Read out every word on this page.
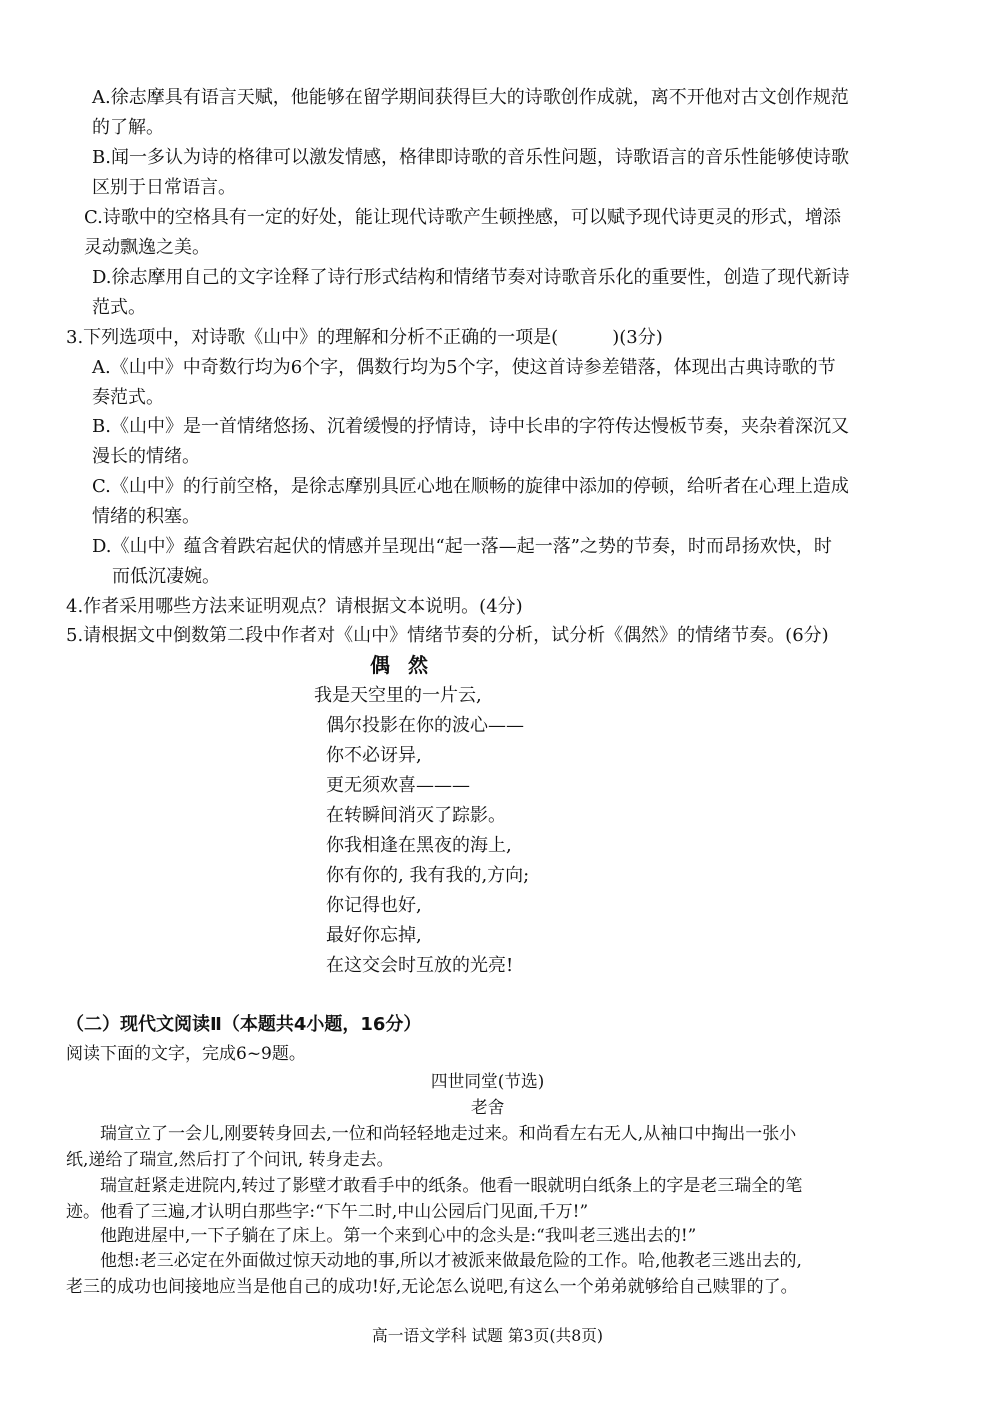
A.徐志摩具有语言天赋，他能够在留学期间获得巨大的诗歌创作成就，离不开他对古文创作规范
的了解。
B.闻一多认为诗的格律可以激发情感，格律即诗歌的音乐性问题，诗歌语言的音乐性能够使诗歌
区别于日常语言。
C.诗歌中的空格具有一定的好处，能让现代诗歌产生顿挫感，可以赋予现代诗更灵的形式，增添
灵动飘逸之美。
D.徐志摩用自己的文字诠释了诗行形式结构和情绪节奏对诗歌音乐化的重要性，创造了现代新诗
范式。
3.下列选项中，对诗歌《山中》的理解和分析不正确的一项是(　　　)(3分)
A.《山中》中奇数行均为6个字，偶数行均为5个字，使这首诗参差错落，体现出古典诗歌的节
奏范式。
B.《山中》是一首情绪悠扬、沉着缓慢的抒情诗，诗中长串的字符传达慢板节奏，夹杂着深沉又
漫长的情绪。
C.《山中》的行前空格，是徐志摩别具匠心地在顺畅的旋律中添加的停顿，给听者在心理上造成
情绪的积塞。
D.《山中》蕴含着跌宕起伏的情感并呈现出“起一落—起一落”之势的节奏，时而昂扬欢快，时
而低沉凄婉。
4.作者采用哪些方法来证明观点？请根据文本说明。(4分)
5.请根据文中倒数第二段中作者对《山中》情绪节奏的分析，试分析《偶然》的情绪节奏。(6分)
偶然
我是天空里的一片云,
偶尔投影在你的波心——
你不必讶异,
更无须欢喜———
在转瞬间消灭了踪影。
你我相逢在黑夜的海上,
你有你的, 我有我的,方向;
你记得也好,
最好你忘掉,
在这交会时互放的光亮!
（二）现代文阅读Ⅱ（本题共4小题，16分）
阅读下面的文字，完成6~9题。
四世同堂(节选)
老舍
瑞宣立了一会儿,刚要转身回去,一位和尚轻轻地走过来。和尚看左右无人,从袖口中掏出一张小
纸,递给了瑞宣,然后打了个问讯, 转身走去。
瑞宣赶紧走进院内,转过了影壁才敢看手中的纸条。他看一眼就明白纸条上的字是老三瑞全的笔
迹。他看了三遍,才认明白那些字:“下午二时,中山公园后门见面,千万!”
他跑进屋中,一下子躺在了床上。第一个来到心中的念头是:“我叫老三逃出去的!”
他想:老三必定在外面做过惊天动地的事,所以才被派来做最危险的工作。哈,他教老三逃出去的,
老三的成功也间接地应当是他自己的成功!好,无论怎么说吧,有这么一个弟弟就够给自己赎罪的了。
高一语文学科 试题 第3页(共8页)
